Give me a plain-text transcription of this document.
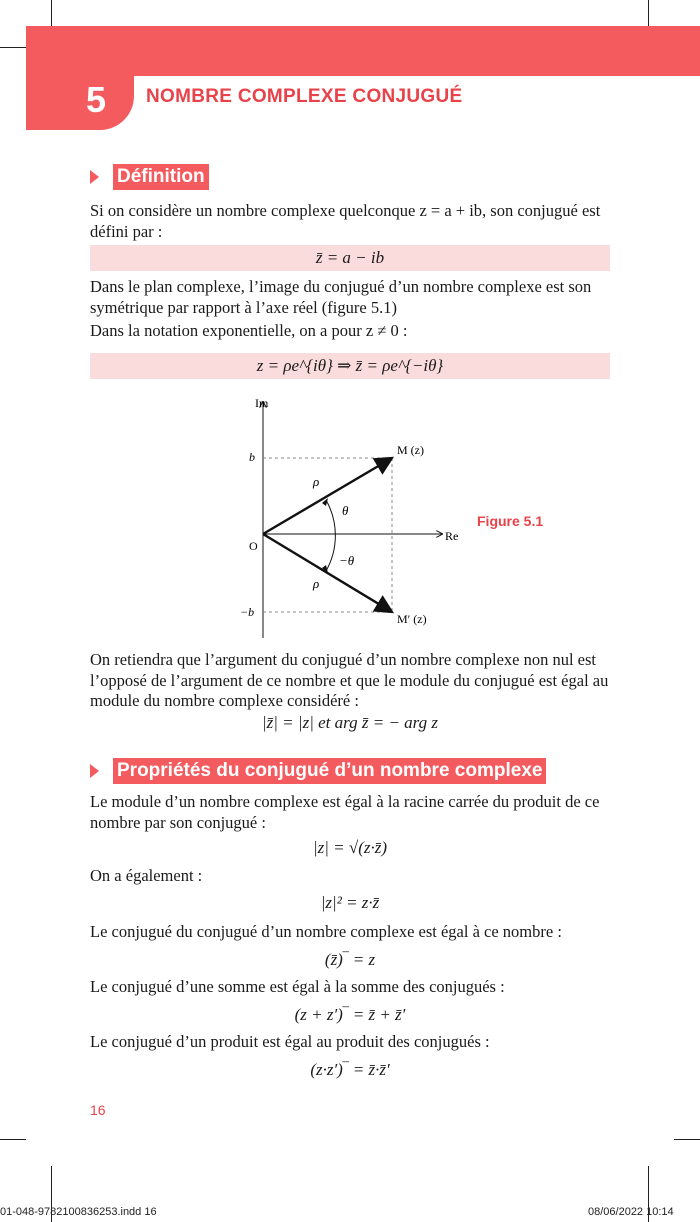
5	NOMBRE COMPLEXE CONJUGUÉ
Définition
Si on considère un nombre complexe quelconque z = a + ib, son conjugué est défini par :
z̄ = a − ib
Dans le plan complexe, l’image du conjugué d’un nombre complexe est son symétrique par rapport à l’axe réel (figure 5.1)
Dans la notation exponentielle, on a pour z ≠ 0 :
z = ρe^{iθ} ⇒ z̄ = ρe^{−iθ}
Im
Re
O
b
−b
M (z)
M′ (z)
ρ
ρ
θ
−θ
Figure 5.1
On retiendra que l’argument du conjugué d’un nombre complexe non nul est l’opposé de l’argument de ce nombre et que le module du conjugué est égal au module du nombre complexe considéré :
|z̄| = |z| et arg z̄ = − arg z
Propriétés du conjugué d’un nombre complexe
Le module d’un nombre complexe est égal à la racine carrée du produit de ce nombre par son conjugué :
|z| = √(z·z̄)
On a également :
|z|² = z·z̄
Le conjugué du conjugué d’un nombre complexe est égal à ce nombre :
(z̄)‾ = z
Le conjugué d’une somme est égal à la somme des conjugués :
(z + z′)‾ = z̄ + z̄′
Le conjugué d’un produit est égal au produit des conjugués :
(z·z′)‾ = z̄·z̄′
16
01-048-9782100836253.indd 16	08/06/2022 10:14
